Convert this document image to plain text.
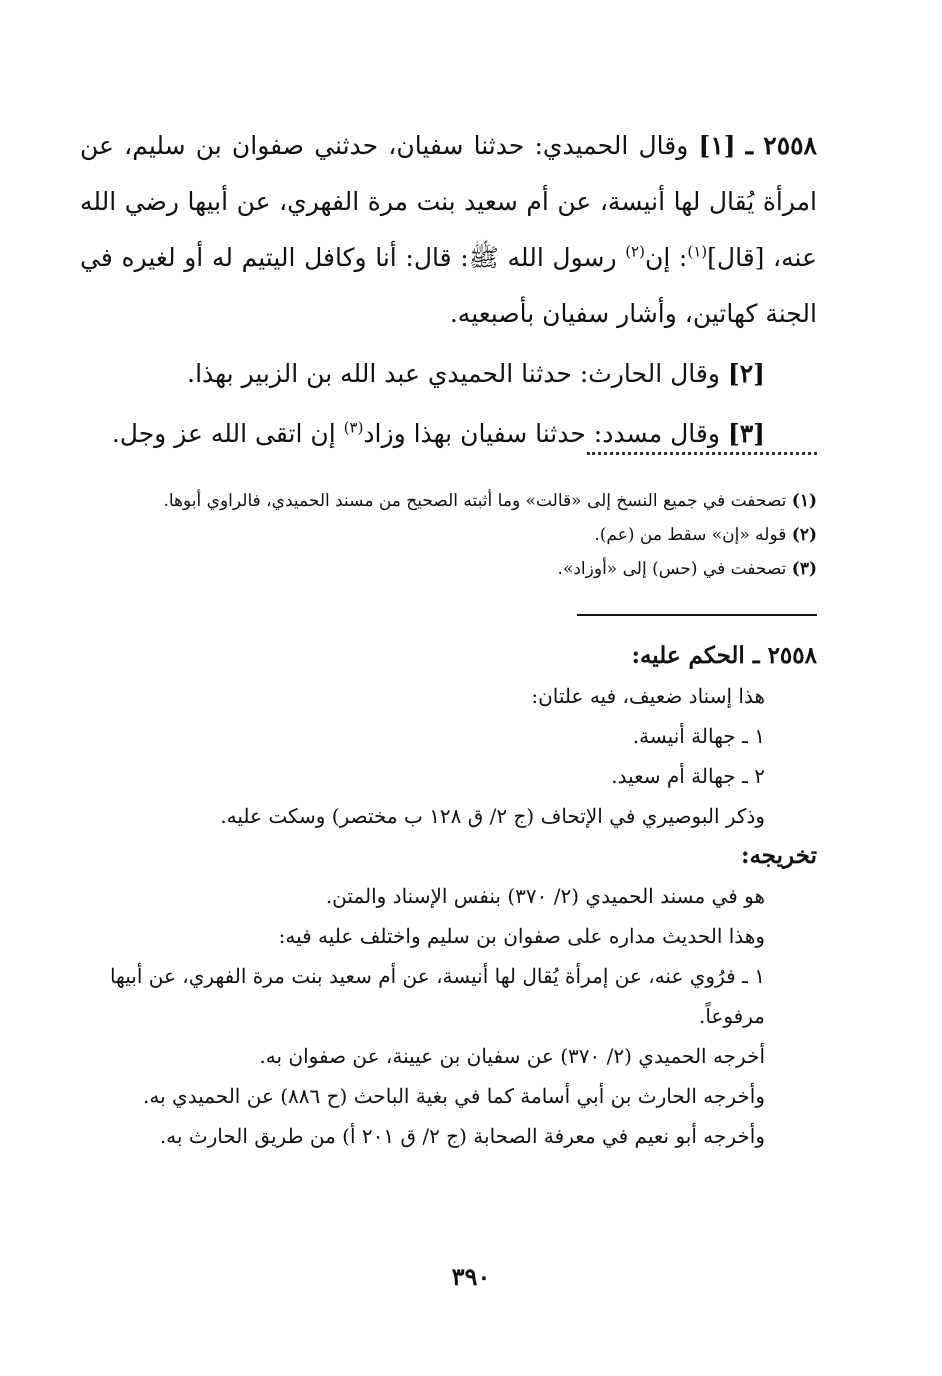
٢٥٥٨ ـ [١] وقال الحميدي: حدثنا سفيان، حدثني صفوان بن سليم، عن امرأة يُقال لها أنيسة، عن أم سعيد بنت مرة الفهري، عن أبيها رضي الله عنه، [قال]$^{(١)}$: إن$^{(٢)}$ رسول الله ﷺ: قال: أنا وكافل اليتيم له أو لغيره في الجنة كهاتين، وأشار سفيان بأصبعيه.

[٢] وقال الحارث: حدثنا الحميدي عبد الله بن الزبير بهذا.

[٣] وقال مسدد: حدثنا سفيان بهذا وزاد$^{(٣)}$ إن اتقى الله عز وجل.

(١) تصحفت في جميع النسخ إلى «قالت» وما أثبته الصحيح من مسند الحميدي، فالراوي أبوها.

(٢) قوله «إن» سقط من (عم).

(٣) تصحفت في (حس) إلى «أوزاد».

٢٥٥٨ ـ الحكم عليه:

هذا إسناد ضعيف، فيه علتان:

١ ـ جهالة أنيسة.

٢ ـ جهالة أم سعيد.

وذكر البوصيري في الإتحاف (ج ٢/ ق ١٢٨ ب مختصر) وسكت عليه.

تخريجه:

هو في مسند الحميدي (٢/ ٣٧٠) بنفس الإسناد والمتن.

وهذا الحديث مداره على صفوان بن سليم واختلف عليه فيه:

١ ـ فرُوي عنه، عن إمرأة يُقال لها أنيسة، عن أم سعيد بنت مرة الفهري، عن أبيها مرفوعاً.

أخرجه الحميدي (٢/ ٣٧٠) عن سفيان بن عيينة، عن صفوان به.

وأخرجه الحارث بن أبي أسامة كما في بغية الباحث (ح ٨٨٦) عن الحميدي به.

وأخرجه أبو نعيم في معرفة الصحابة (ج ٢/ ق ٢٠١ أ) من طريق الحارث به.

٣٩٠
